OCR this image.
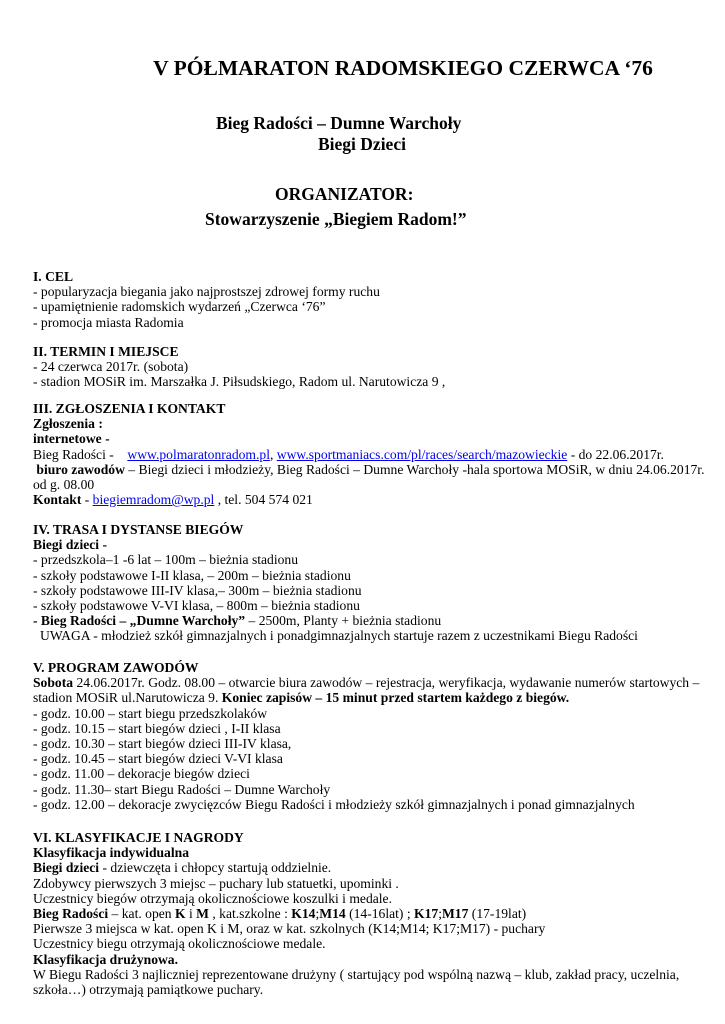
V PÓŁMARATON RADOMSKIEGO CZERWCA ‘76

Bieg Radości – Dumne Warchoły

Biegi Dzieci

ORGANIZATOR:

Stowarzyszenie „Biegiem Radom!”

I. CEL
- popularyzacja biegania jako najprostszej zdrowej formy ruchu
- upamiętnienie radomskich wydarzeń „Czerwca ‘76”
- promocja miasta Radomia
II. TERMIN I MIEJSCE
- 24 czerwca 2017r. (sobota)
- stadion MOSiR im. Marszałka J. Piłsudskiego, Radom ul. Narutowicza 9 ,
III. ZGŁOSZENIA I KONTAKT
Zgłoszenia :
internetowe -
Bieg Radości - www.polmaratonradom.pl, www.sportmaniacs.com/pl/races/search/mazowieckie - do 22.06.2017r.
biuro zawodów – Biegi dzieci i młodzieży, Bieg Radości – Dumne Warchoły -hala sportowa MOSiR, w dniu 24.06.2017r.
od g. 08.00
Kontakt - biegiemradom@wp.pl , tel. 504 574 021
IV. TRASA I DYSTANSE BIEGÓW
Biegi dzieci -
- przedszkola–1 -6 lat – 100m – bieżnia stadionu
- szkoły podstawowe I-II klasa, – 200m – bieżnia stadionu
- szkoły podstawowe III-IV klasa,– 300m – bieżnia stadionu
- szkoły podstawowe V-VI klasa, – 800m – bieżnia stadionu
- Bieg Radości – „Dumne Warchoły” – 2500m, Planty + bieżnia stadionu
UWAGA - młodzież szkół gimnazjalnych i ponadgimnazjalnych startuje razem z uczestnikami Biegu Radości
V. PROGRAM ZAWODÓW
Sobota 24.06.2017r. Godz. 08.00 – otwarcie biura zawodów – rejestracja, weryfikacja, wydawanie numerów startowych –
stadion MOSiR ul.Narutowicza 9. Koniec zapisów – 15 minut przed startem każdego z biegów.
- godz. 10.00 – start biegu przedszkolaków
- godz. 10.15 – start biegów dzieci , I-II klasa
- godz. 10.30 – start biegów dzieci III-IV klasa,
- godz. 10.45 – start biegów dzieci V-VI klasa
- godz. 11.00 – dekoracje biegów dzieci
- godz. 11.30– start Biegu Radości – Dumne Warchoły
- godz. 12.00 – dekoracje zwycięzców Biegu Radości i młodzieży szkół gimnazjalnych i ponad gimnazjalnych
VI. KLASYFIKACJE I NAGRODY
Klasyfikacja indywidualna
Biegi dzieci - dziewczęta i chłopcy startują oddzielnie.
Zdobywcy pierwszych 3 miejsc – puchary lub statuetki, upominki .
Uczestnicy biegów otrzymają okolicznościowe koszulki i medale.
Bieg Radości – kat. open K i M , kat.szkolne : K14;M14 (14-16lat) ; K17;M17 (17-19lat)
Pierwsze 3 miejsca w kat. open K i M, oraz w kat. szkolnych (K14;M14; K17;M17) - puchary
Uczestnicy biegu otrzymają okolicznościowe medale.
Klasyfikacja drużynowa.
W Biegu Radości 3 najliczniej reprezentowane drużyny ( startujący pod wspólną nazwą – klub, zakład pracy, uczelnia,
szkoła…) otrzymają pamiątkowe puchary.
